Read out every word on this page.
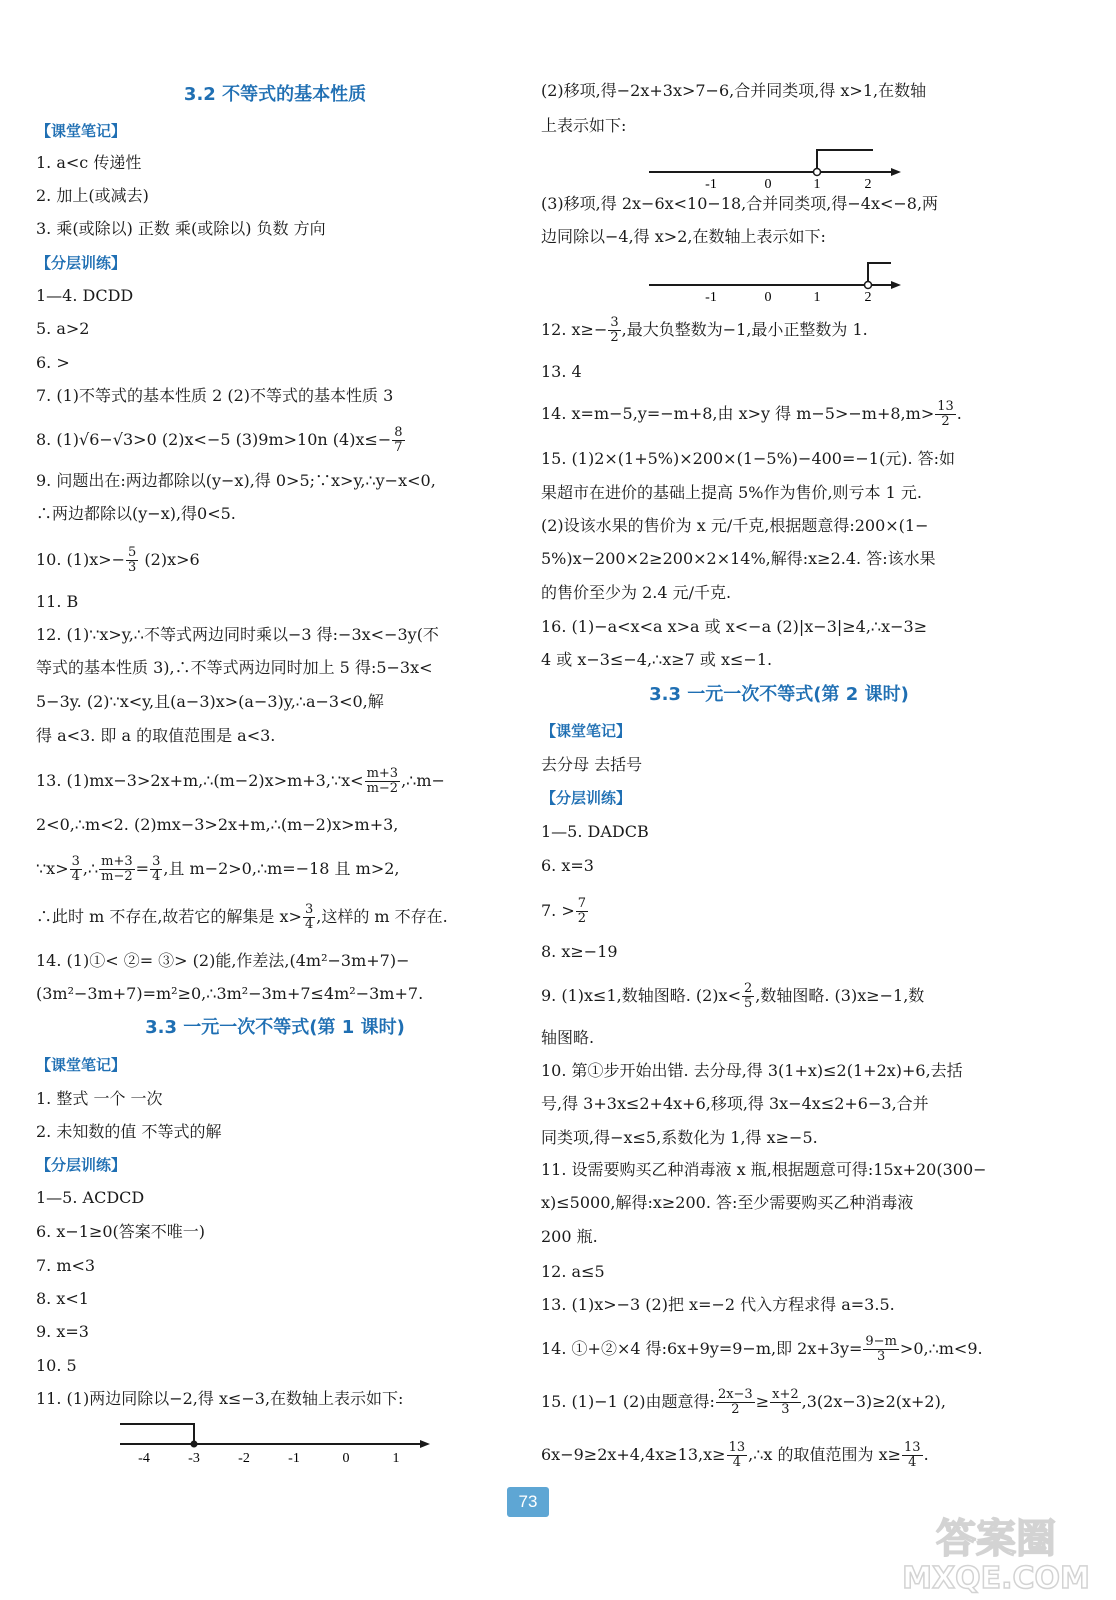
3.2 不等式的基本性质
【课堂笔记】
1. a<c 传递性
2. 加上(或减去)
3. 乘(或除以) 正数 乘(或除以) 负数 方向
【分层训练】
1—4. DCDD
5. a>2
6. >
7. (1)不等式的基本性质 2 (2)不等式的基本性质 3
8. (1)√6−√3>0 (2)x<−5 (3)9m>10n $(4)x\le- \frac{8}{7}$
9. 问题出在:两边都除以(y−x),得 0>5;∵x>y,∴y−x<0,
∴两边都除以(y−x),得0<5.
10. $(1)x>- \frac{5}{3} (2)x>6$
11. B
12. (1)∵x>y,∴不等式两边同时乘以−3 得:−3x<−3y(不
等式的基本性质 3),∴不等式两边同时加上 5 得:5−3x<
5−3y. (2)∵x<y,且(a−3)x>(a−3)y,∴a−3<0,解
得 a<3. 即 a 的取值范围是 a<3.
13. (1)mx−3>2x+m,∴(m−2)x>m+3,∵x< $\frac{m+3}{m-2}$ ,∴m−
2<0,∴m<2. (2)mx−3>2x+m,∴(m−2)x>m+3,
∵x> $\frac{3}{4}$ ,∴ $\frac{m+3}{m-2} = \frac{3}{4}$ ,且 m−2>0,∴m=−18 且 m>2,
∴此时 m 不存在,故若它的解集是 $x> \frac{3}{4}$ ,这样的 m 不存在.
14. (1)①< ②= ③> (2)能,作差法,(4m²−3m+7)−
(3m²−3m+7)=m²≥0,∴3m²−3m+7≤4m²−3m+7.
3.3 一元一次不等式(第 1 课时)
【课堂笔记】
1. 整式 一个 一次
2. 未知数的值 不等式的解
【分层训练】
1—5. ACDCD
6. x−1≥0(答案不唯一)
7. m<3
8. x<1
9. x=3
10. 5
11. (1)两边同除以−2,得 x≤−3,在数轴上表示如下:
-4	-3	-2	-1	0	1
(2)移项,得−2x+3x>7−6,合并同类项,得 x>1,在数轴
上表示如下:
-1	0	1	2
(3)移项,得 2x−6x<10−18,合并同类项,得−4x<−8,两
边同除以−4,得 x>2,在数轴上表示如下:
-1	0	1	2
12. $x\ge- \frac{3}{2}$ ,最大负整数为−1,最小正整数为 1.
13. 4
14. x=m−5,y=−m+8,由 x>y 得 $m-5>-m+8,m> \frac{13}{2}$ .
15. (1)2×(1+5%)×200×(1−5%)−400=−1(元). 答:如
果超市在进价的基础上提高 5%作为售价,则亏本 1 元.
(2)设该水果的售价为 x 元/千克,根据题意得:200×(1−
5%)x−200×2≥200×2×14%,解得:x≥2.4. 答:该水果
的售价至少为 2.4 元/千克.
16. (1)−a<x<a x>a 或 x<−a (2)|x−3|≥4,∴x−3≥
4 或 x−3≤−4,∴x≥7 或 x≤−1.
3.3 一元一次不等式(第 2 课时)
【课堂笔记】
去分母 去括号
【分层训练】
1—5. DADCB
6. x=3
7. > $\frac{7}{2}$
8. x≥−19
9. (1)x≤1,数轴图略. $(2)x< \frac{2}{5}$ ,数轴图略. (3)x≥−1,数
轴图略.
10. 第①步开始出错. 去分母,得 3(1+x)≤2(1+2x)+6,去括
号,得 3+3x≤2+4x+6,移项,得 3x−4x≤2+6−3,合并
同类项,得−x≤5,系数化为 1,得 x≥−5.
11. 设需要购买乙种消毒液 x 瓶,根据题意可得:15x+20(300−
x)≤5000,解得:x≥200. 答:至少需要购买乙种消毒液
200 瓶.
12. a≤5
13. (1)x>−3 (2)把 x=−2 代入方程求得 a=3.5.
14. ①+②×4 得:6x+9y=9−m,即 $2x+3y= \frac{9-m}{3}$ >0,∴m<9.
15. (1)−1 (2)由题意得: $\frac{2x-3}{2} \ge \frac{x+2}{3} ,3(2x-3)\ge 2(x+2)$,
$6x-9\ge 2x+4,4x\ge 13,x\ge \frac{13}{4}$ ,∴x 的取值范围为 $x\ge \frac{13}{4}$ .
73
答案圈
MXQE.COM
